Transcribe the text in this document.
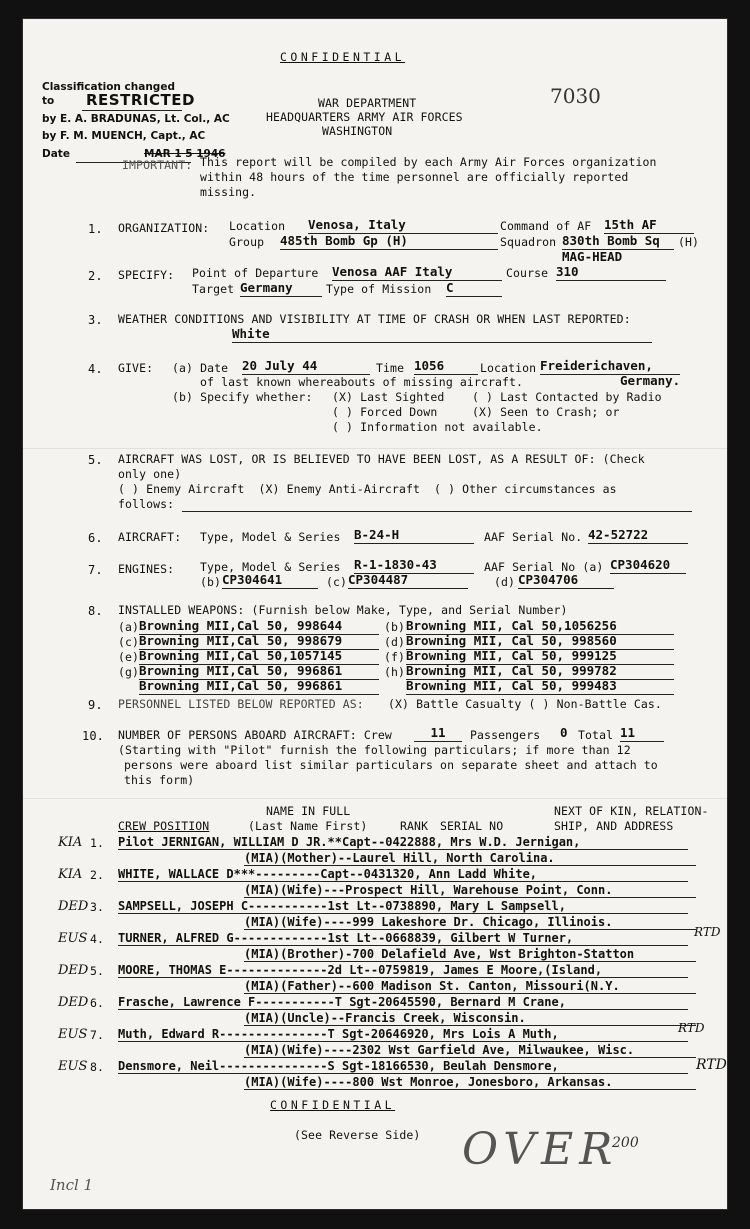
CONFIDENTIAL
7030
WAR DEPARTMENT
HEADQUARTERS ARMY AIR FORCES
WASHINGTON
Classification changed
to RESTRICTED
by E. A. BRADUNAS, Lt. Col., AC
by F. M. MUENCH, Capt., AC
Date	MAR 1 5 1946
IMPORTANT: This report will be compiled by each Army Air Forces organization
within 48 hours of the time personnel are officially reported
missing.
1. ORGANIZATION: Location Venosa, Italy	Command of AF 15th AF
Group 485th Bomb Gp (H)	Squadron 830th Bomb Sq	(H)
MAG-HEAD
2. SPECIFY: Point of Departure Venosa AAF Italy	Course 310
Target Germany	Type of Mission C
3. WEATHER CONDITIONS AND VISIBILITY AT TIME OF CRASH OR WHEN LAST REPORTED:
White
4. GIVE: (a) Date 20 July 44	Time 1056	Location Freiderichaven,
of last known whereabouts of missing aircraft.	Germany.
(b) Specify whether: (X) Last Sighted ( ) Last Contacted by Radio
( ) Forced Down	(X) Seen to Crash; or
( ) Information not available.
5. AIRCRAFT WAS LOST, OR IS BELIEVED TO HAVE BEEN LOST, AS A RESULT OF: (Check
only one)
( ) Enemy Aircraft  (X) Enemy Anti-Aircraft  ( ) Other circumstances as
follows:
6. AIRCRAFT: Type, Model & Series B-24-H	AAF Serial No. 42-52722
7. ENGINES: Type, Model & Series R-1-1830-43	AAF Serial No (a) CP304620
(b) CP304641	(c) CP304487	(d) CP304706
8. INSTALLED WEAPONS: (Furnish below Make, Type, and Serial Number)
(a) Browning MII,Cal 50, 998644	(b) Browning MII, Cal 50,1056256
(c) Browning MII,Cal 50, 998679	(d) Browning MII, Cal 50, 998560
(e) Browning MII,Cal 50,1057145	(f) Browning MII, Cal 50, 999125
(g) Browning MII,Cal 50, 996861	(h) Browning MII, Cal 50, 999782
Browning MII,Cal 50, 996861	Browning MII, Cal 50, 999483
9. PERSONNEL LISTED BELOW REPORTED AS: (X) Battle Casualty ( ) Non-Battle Cas.
10. NUMBER OF PERSONS ABOARD AIRCRAFT: Crew	11	Passengers 0 Total 11
(Starting with "Pilot" furnish the following particulars; if more than 12
persons were aboard list similar particulars on separate sheet and attach to
this form)
NAME IN FULL
(Last Name First)
CREW POSITION	RANK SERIAL NO
NEXT OF KIN, RELATION-
SHIP, AND ADDRESS
KIA 1. Pilot JERNIGAN, WILLIAM D JR.**Capt--0422888, Mrs W.D. Jernigan,
(MIA)(Mother)--Laurel Hill, North Carolina.
KIA 2. WHITE, WALLACE D***---------Capt--0431320, Ann Ladd White,
(MIA)(Wife)---Prospect Hill, Warehouse Point, Conn.
DED 3. SAMPSELL, JOSEPH C-----------1st Lt--0738890, Mary L Sampsell,
(MIA)(Wife)----999 Lakeshore Dr. Chicago, Illinois.
EUS 4. TURNER, ALFRED G-------------1st Lt--0668839, Gilbert W Turner,
(MIA)(Brother)-700 Delafield Ave, Wst Brighton-Statton
DED 5. MOORE, THOMAS E--------------2d Lt--0759819, James E Moore,(Island,
(MIA)(Father)--600 Madison St. Canton, Missouri(N.Y.
DED 6. Frasche, Lawrence F-----------T Sgt-20645590, Bernard M Crane,
(MIA)(Uncle)--Francis Creek, Wisconsin.
EUS 7. Muth, Edward R---------------T Sgt-20646920, Mrs Lois A Muth,
(MIA)(Wife)----2302 Wst Garfield Ave, Milwaukee, Wisc.
EUS 8. Densmore, Neil---------------S Sgt-18166530, Beulah Densmore,
(MIA)(Wife)----800 Wst Monroe, Jonesboro, Arkansas.
RTD
RTD
RTD
CONFIDENTIAL
(See Reverse Side) OVER
200
Incl 1
